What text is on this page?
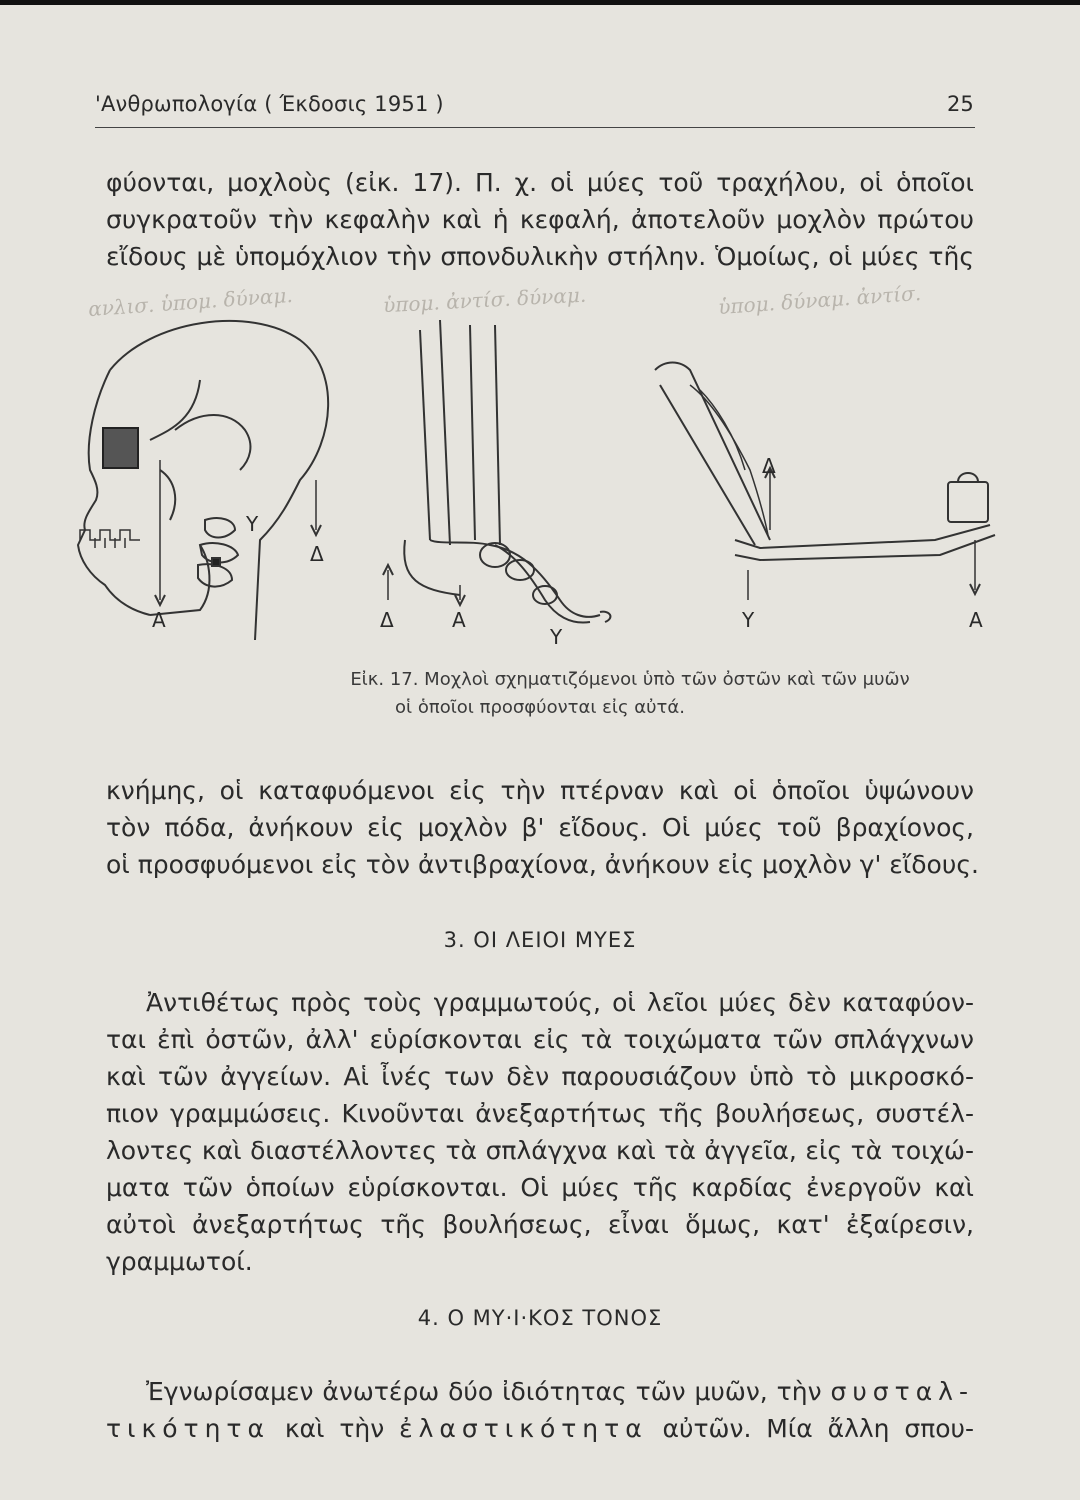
'Ανθρωπολογία ( Έκδοσις 1951 )	25
φύονται, μοχλοὺς (εἰκ. 17). Π. χ. οἱ μύες τοῦ τραχήλου, οἱ ὁποῖοι
συγκρατοῦν τὴν κεφαλὴν καὶ ἡ κεφαλή, ἀποτελοῦν μοχλὸν πρώτου
εἴδους μὲ ὑπομόχλιον τὴν σπονδυλικὴν στήλην. Ὁμοίως, οἱ μύες τῆς
ανλισ. ὑπομ. δύναμ.	ὑπομ. ἀντίσ. δύναμ.	ὑπομ. δύναμ. ἀντίσ.
Α
Y
Δ
Δ	Α
Y
Δ
Y	Α
Εἰκ. 17. Μοχλοὶ σχηματιζόμενοι ὑπὸ τῶν ὀστῶν καὶ τῶν μυῶν
οἱ ὁποῖοι προσφύονται εἰς αὐτά.
κνήμης, οἱ καταφυόμενοι εἰς τὴν πτέρναν καὶ οἱ ὁποῖοι ὑψώνουν
τὸν πόδα, ἀνήκουν εἰς μοχλὸν β' εἴδους. Οἱ μύες τοῦ βραχίονος,
οἱ προσφυόμενοι εἰς τὸν ἀντιβραχίονα, ἀνήκουν εἰς μοχλὸν γ' εἴδους.
3. ΟΙ ΛΕΙΟΙ ΜΥΕΣ
Ἀντιθέτως πρὸς τοὺς γραμμωτούς, οἱ λεῖοι μύες δὲν καταφύον-
ται ἐπὶ ὀστῶν, ἀλλ' εὑρίσκονται εἰς τὰ τοιχώματα τῶν σπλάγχνων
καὶ τῶν ἀγγείων. Αἱ ἶνές των δὲν παρουσιάζουν ὑπὸ τὸ μικροσκό-
πιον γραμμώσεις. Κινοῦνται ἀνεξαρτήτως τῆς βουλήσεως, συστέλ-
λοντες καὶ διαστέλλοντες τὰ σπλάγχνα καὶ τὰ ἀγγεῖα, εἰς τὰ τοιχώ-
ματα τῶν ὁποίων εὑρίσκονται. Οἱ μύες τῆς καρδίας ἐνεργοῦν καὶ
αὐτοὶ ἀνεξαρτήτως τῆς βουλήσεως, εἶναι ὅμως, κατ' ἐξαίρεσιν,
γραμμωτοί.
4. Ο ΜΥ·Ι·ΚΟΣ ΤΟΝΟΣ
Ἐγνωρίσαμεν ἀνωτέρω δύο ἰδιότητας τῶν μυῶν, τὴν συσταλ-
τικότητα καὶ τὴν ἐλαστικότητα αὐτῶν. Μία ἄλλη σπου-
